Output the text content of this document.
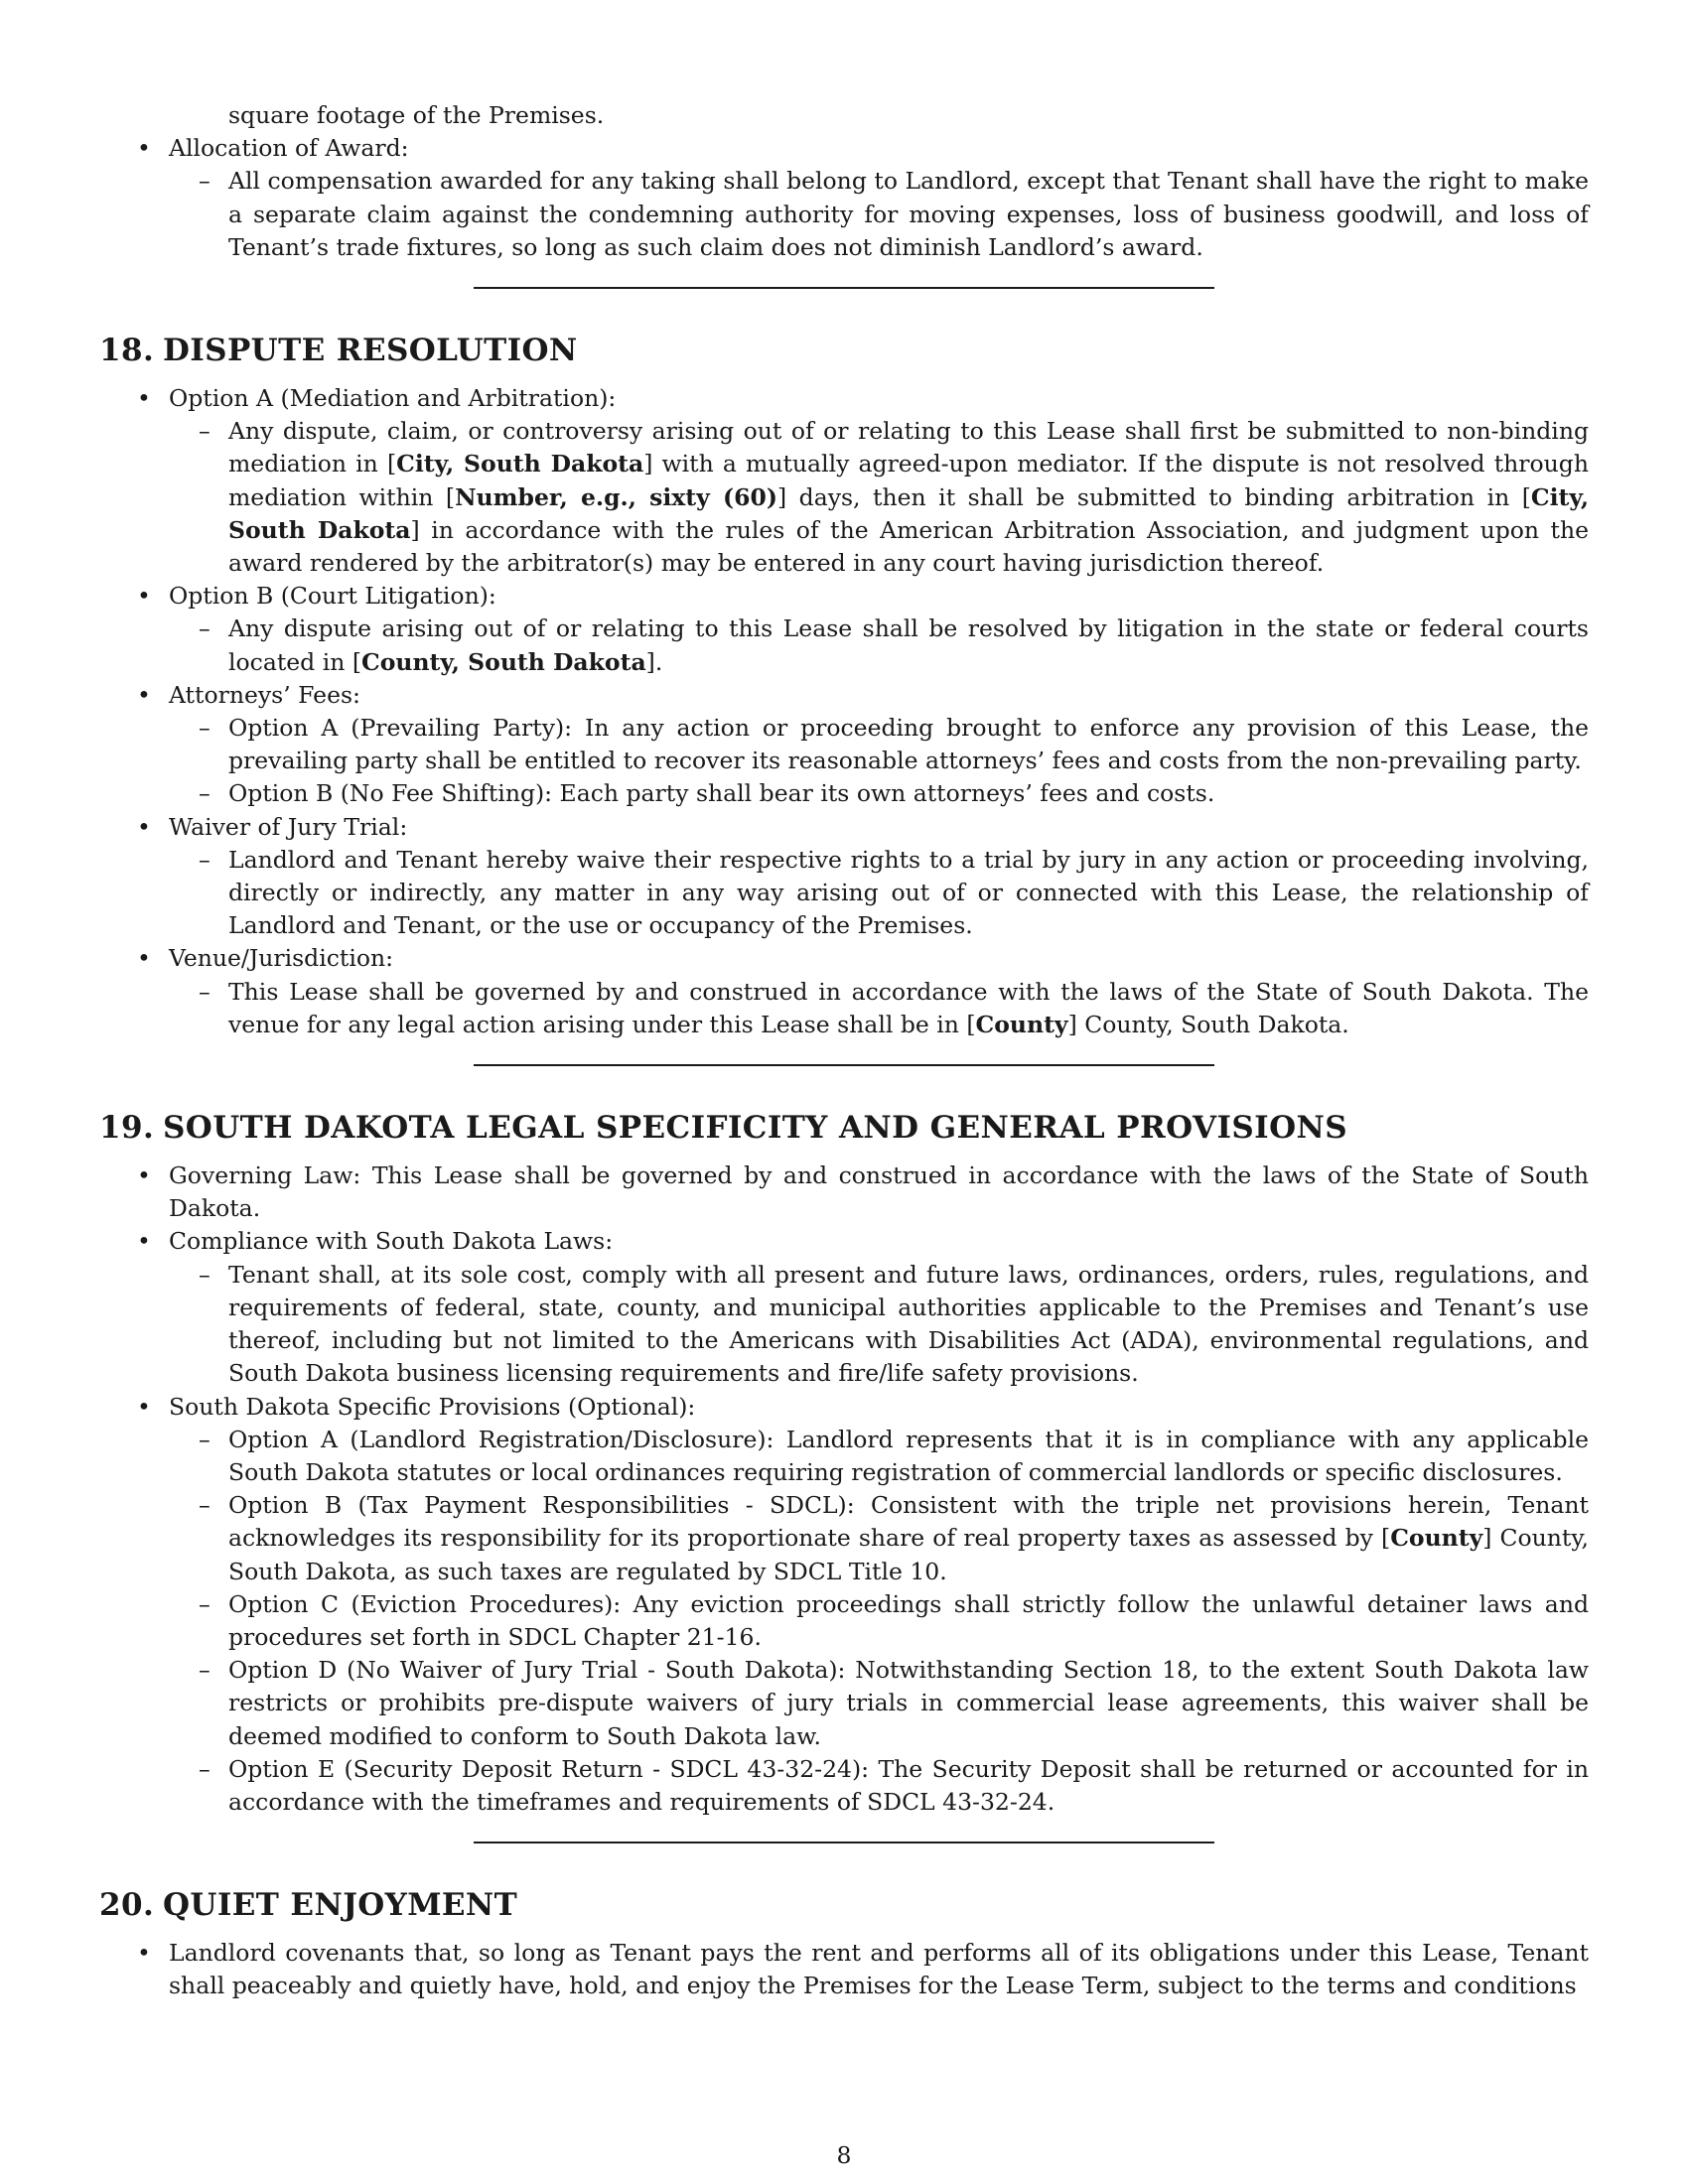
square footage of the Premises.
• Allocation of Award:
– All compensation awarded for any taking shall belong to Landlord, except that Tenant shall have the right to make a separate claim against the condemning authority for moving expenses, loss of business goodwill, and loss of Tenant’s trade fixtures, so long as such claim does not diminish Landlord’s award.
18. DISPUTE RESOLUTION
• Option A (Mediation and Arbitration):
– Any dispute, claim, or controversy arising out of or relating to this Lease shall first be submitted to non-binding mediation in [City, South Dakota] with a mutually agreed-upon mediator. If the dispute is not resolved through mediation within [Number, e.g., sixty (60)] days, then it shall be submitted to binding arbitration in [City, South Dakota] in accordance with the rules of the American Arbitration Association, and judgment upon the award rendered by the arbitrator(s) may be entered in any court having jurisdiction thereof.
• Option B (Court Litigation):
– Any dispute arising out of or relating to this Lease shall be resolved by litigation in the state or federal courts located in [County, South Dakota].
• Attorneys’ Fees:
– Option A (Prevailing Party): In any action or proceeding brought to enforce any provision of this Lease, the prevailing party shall be entitled to recover its reasonable attorneys’ fees and costs from the non-prevailing party.
– Option B (No Fee Shifting): Each party shall bear its own attorneys’ fees and costs.
• Waiver of Jury Trial:
– Landlord and Tenant hereby waive their respective rights to a trial by jury in any action or proceeding involving, directly or indirectly, any matter in any way arising out of or connected with this Lease, the relationship of Landlord and Tenant, or the use or occupancy of the Premises.
• Venue/Jurisdiction:
– This Lease shall be governed by and construed in accordance with the laws of the State of South Dakota. The venue for any legal action arising under this Lease shall be in [County] County, South Dakota.
19. SOUTH DAKOTA LEGAL SPECIFICITY AND GENERAL PROVISIONS
• Governing Law: This Lease shall be governed by and construed in accordance with the laws of the State of South Dakota.
• Compliance with South Dakota Laws:
– Tenant shall, at its sole cost, comply with all present and future laws, ordinances, orders, rules, regulations, and requirements of federal, state, county, and municipal authorities applicable to the Premises and Tenant’s use thereof, including but not limited to the Americans with Disabilities Act (ADA), environmental regulations, and South Dakota business licensing requirements and fire/life safety provisions.
• South Dakota Specific Provisions (Optional):
– Option A (Landlord Registration/Disclosure): Landlord represents that it is in compliance with any applicable South Dakota statutes or local ordinances requiring registration of commercial landlords or specific disclosures.
– Option B (Tax Payment Responsibilities - SDCL): Consistent with the triple net provisions herein, Tenant acknowledges its responsibility for its proportionate share of real property taxes as assessed by [County] County, South Dakota, as such taxes are regulated by SDCL Title 10.
– Option C (Eviction Procedures): Any eviction proceedings shall strictly follow the unlawful detainer laws and procedures set forth in SDCL Chapter 21-16.
– Option D (No Waiver of Jury Trial - South Dakota): Notwithstanding Section 18, to the extent South Dakota law restricts or prohibits pre-dispute waivers of jury trials in commercial lease agreements, this waiver shall be deemed modified to conform to South Dakota law.
– Option E (Security Deposit Return - SDCL 43-32-24): The Security Deposit shall be returned or accounted for in accordance with the timeframes and requirements of SDCL 43-32-24.
20. QUIET ENJOYMENT
• Landlord covenants that, so long as Tenant pays the rent and performs all of its obligations under this Lease, Tenant shall peaceably and quietly have, hold, and enjoy the Premises for the Lease Term, subject to the terms and conditions
8
